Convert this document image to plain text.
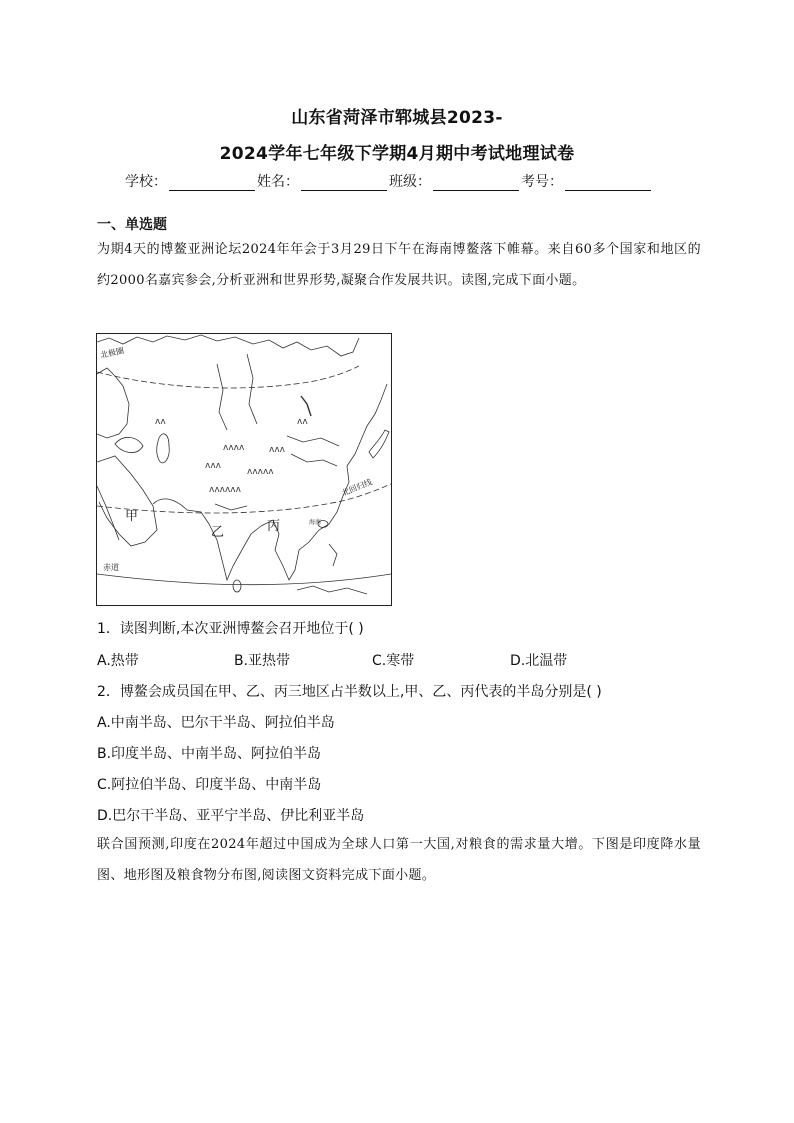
山东省菏泽市郓城县2023-
2024学年七年级下学期4月期中考试地理试卷
学校：	姓名：	班级：	考号：
一、单选题
为期4天的博鳌亚洲论坛2024年年会于3月29日下午在海南博鳌落下帷幕。来自60多个国家和地区的约2000名嘉宾参会,分析亚洲和世界形势,凝聚合作发展共识。读图,完成下面小题。
ᴧᴧᴧᴧ
ᴧᴧᴧ
ᴧᴧᴧᴧᴧ
ᴧᴧᴧᴧᴧᴧ
ᴧᴧᴧ
ᴧᴧ	ᴧᴧ
北极圈
北回归线
赤道
甲
乙	丙	海南
1．读图判断,本次亚洲博鳌会召开地位于( )
A.热带	B.亚热带	C.寒带	D.北温带
2．博鳌会成员国在甲、乙、丙三地区占半数以上,甲、乙、丙代表的半岛分别是( )
A.中南半岛、巴尔干半岛、阿拉伯半岛
B.印度半岛、中南半岛、阿拉伯半岛
C.阿拉伯半岛、印度半岛、中南半岛
D.巴尔干半岛、亚平宁半岛、伊比利亚半岛
联合国预测,印度在2024年超过中国成为全球人口第一大国,对粮食的需求量大增。下图是印度降水量图、地形图及粮食物分布图,阅读图文资料完成下面小题。
